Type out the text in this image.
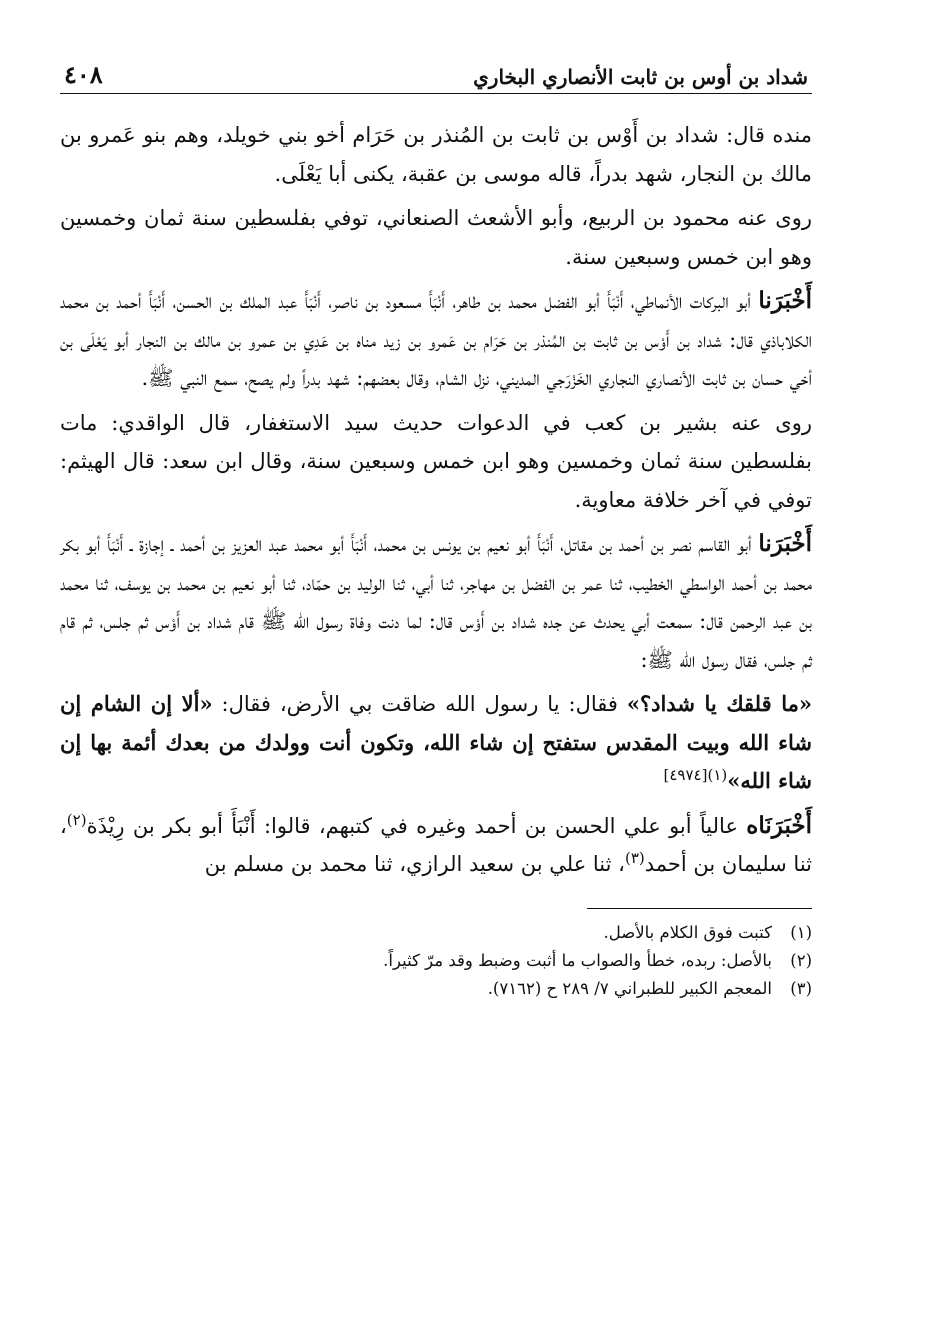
شداد بن أوس بن ثابت الأنصاري البخاري
٤٠٨

منده قال: شداد بن أَوْس بن ثابت بن المُنذر بن حَرَام أخو بني خويلد، وهم بنو عَمرو بن مالك بن النجار، شهد بدراً، قاله موسى بن عقبة، يكنى أبا يَعْلَى.

روى عنه محمود بن الربيع، وأبو الأشعث الصنعاني، توفي بفلسطين سنة ثمان وخمسين وهو ابن خمس وسبعين سنة.

أَخْبَرَنا أبو البركات الأنماطي، أَنْبَأَ أبو الفضل محمد بن طاهر، أَنْبَأَ مسعود بن ناصر، أَنْبَأَ عبد الملك بن الحسن، أَنْبَأَ أحمد بن محمد الكلاباذي قال: شداد بن أَوْس بن ثابت بن المُنذر بن حَرَام بن عَمرو بن زيد مناه بن عَدِي بن عمرو بن مالك بن النجار أبو يَعْلَى بن أخي حسان بن ثابت الأنصاري النجاري الخَزْرَجي المديني، نزل الشام، وقال بعضهم: شهد بدراً ولم يصح، سمع النبي ﷺ.

روى عنه بشير بن كعب في الدعوات حديث سيد الاستغفار، قال الواقدي: مات بفلسطين سنة ثمان وخمسين وهو ابن خمس وسبعين سنة، وقال ابن سعد: قال الهيثم: توفي في آخر خلافة معاوية.

أَخْبَرَنا أبو القاسم نصر بن أحمد بن مقاتل، أَنْبَأَ أبو نعيم بن يونس بن محمد، أَنْبَأَ أبو محمد عبد العزيز بن أحمد ـ إجازة ـ أَنْبَأَ أبو بكر محمد بن أحمد الواسطي الخطيب، ثنا عمر بن الفضل بن مهاجر، ثنا أبي، ثنا الوليد بن حمّاد، ثنا أبو نعيم بن محمد بن يوسف، ثنا محمد بن عبد الرحمن قال: سمعت أبي يحدث عن جده شداد بن أَوْس قال: لما دنت وفاة رسول الله ﷺ قام شداد بن أَوْس ثم جلس، ثم قام ثم جلس، فقال رسول الله ﷺ:

«ما قلقك يا شداد؟» فقال: يا رسول الله ضاقت بي الأرض، فقال: «ألا إن الشام إن شاء الله وبيت المقدس ستفتح إن شاء الله، وتكون أنت وولدك من بعدك أئمة بها إن شاء الله»$^{(١)[٤٩٧٤]}$

أَخْبَرَنَاه عالياً أبو علي الحسن بن أحمد وغيره في كتبهم، قالوا: أَنْبَأَ أبو بكر بن رِيْذَة$^{(٢)}$، ثنا سليمان بن أحمد$^{(٣)}$، ثنا علي بن سعيد الرازي، ثنا محمد بن مسلم بن

(١)
كتبت فوق الكلام بالأصل.
(٢)
بالأصل: ربده، خطأ والصواب ما أثبت وضبط وقد مرّ كثيراً.
(٣)
المعجم الكبير للطبراني ٧/ ٢٨٩ ح (٧١٦٢).
